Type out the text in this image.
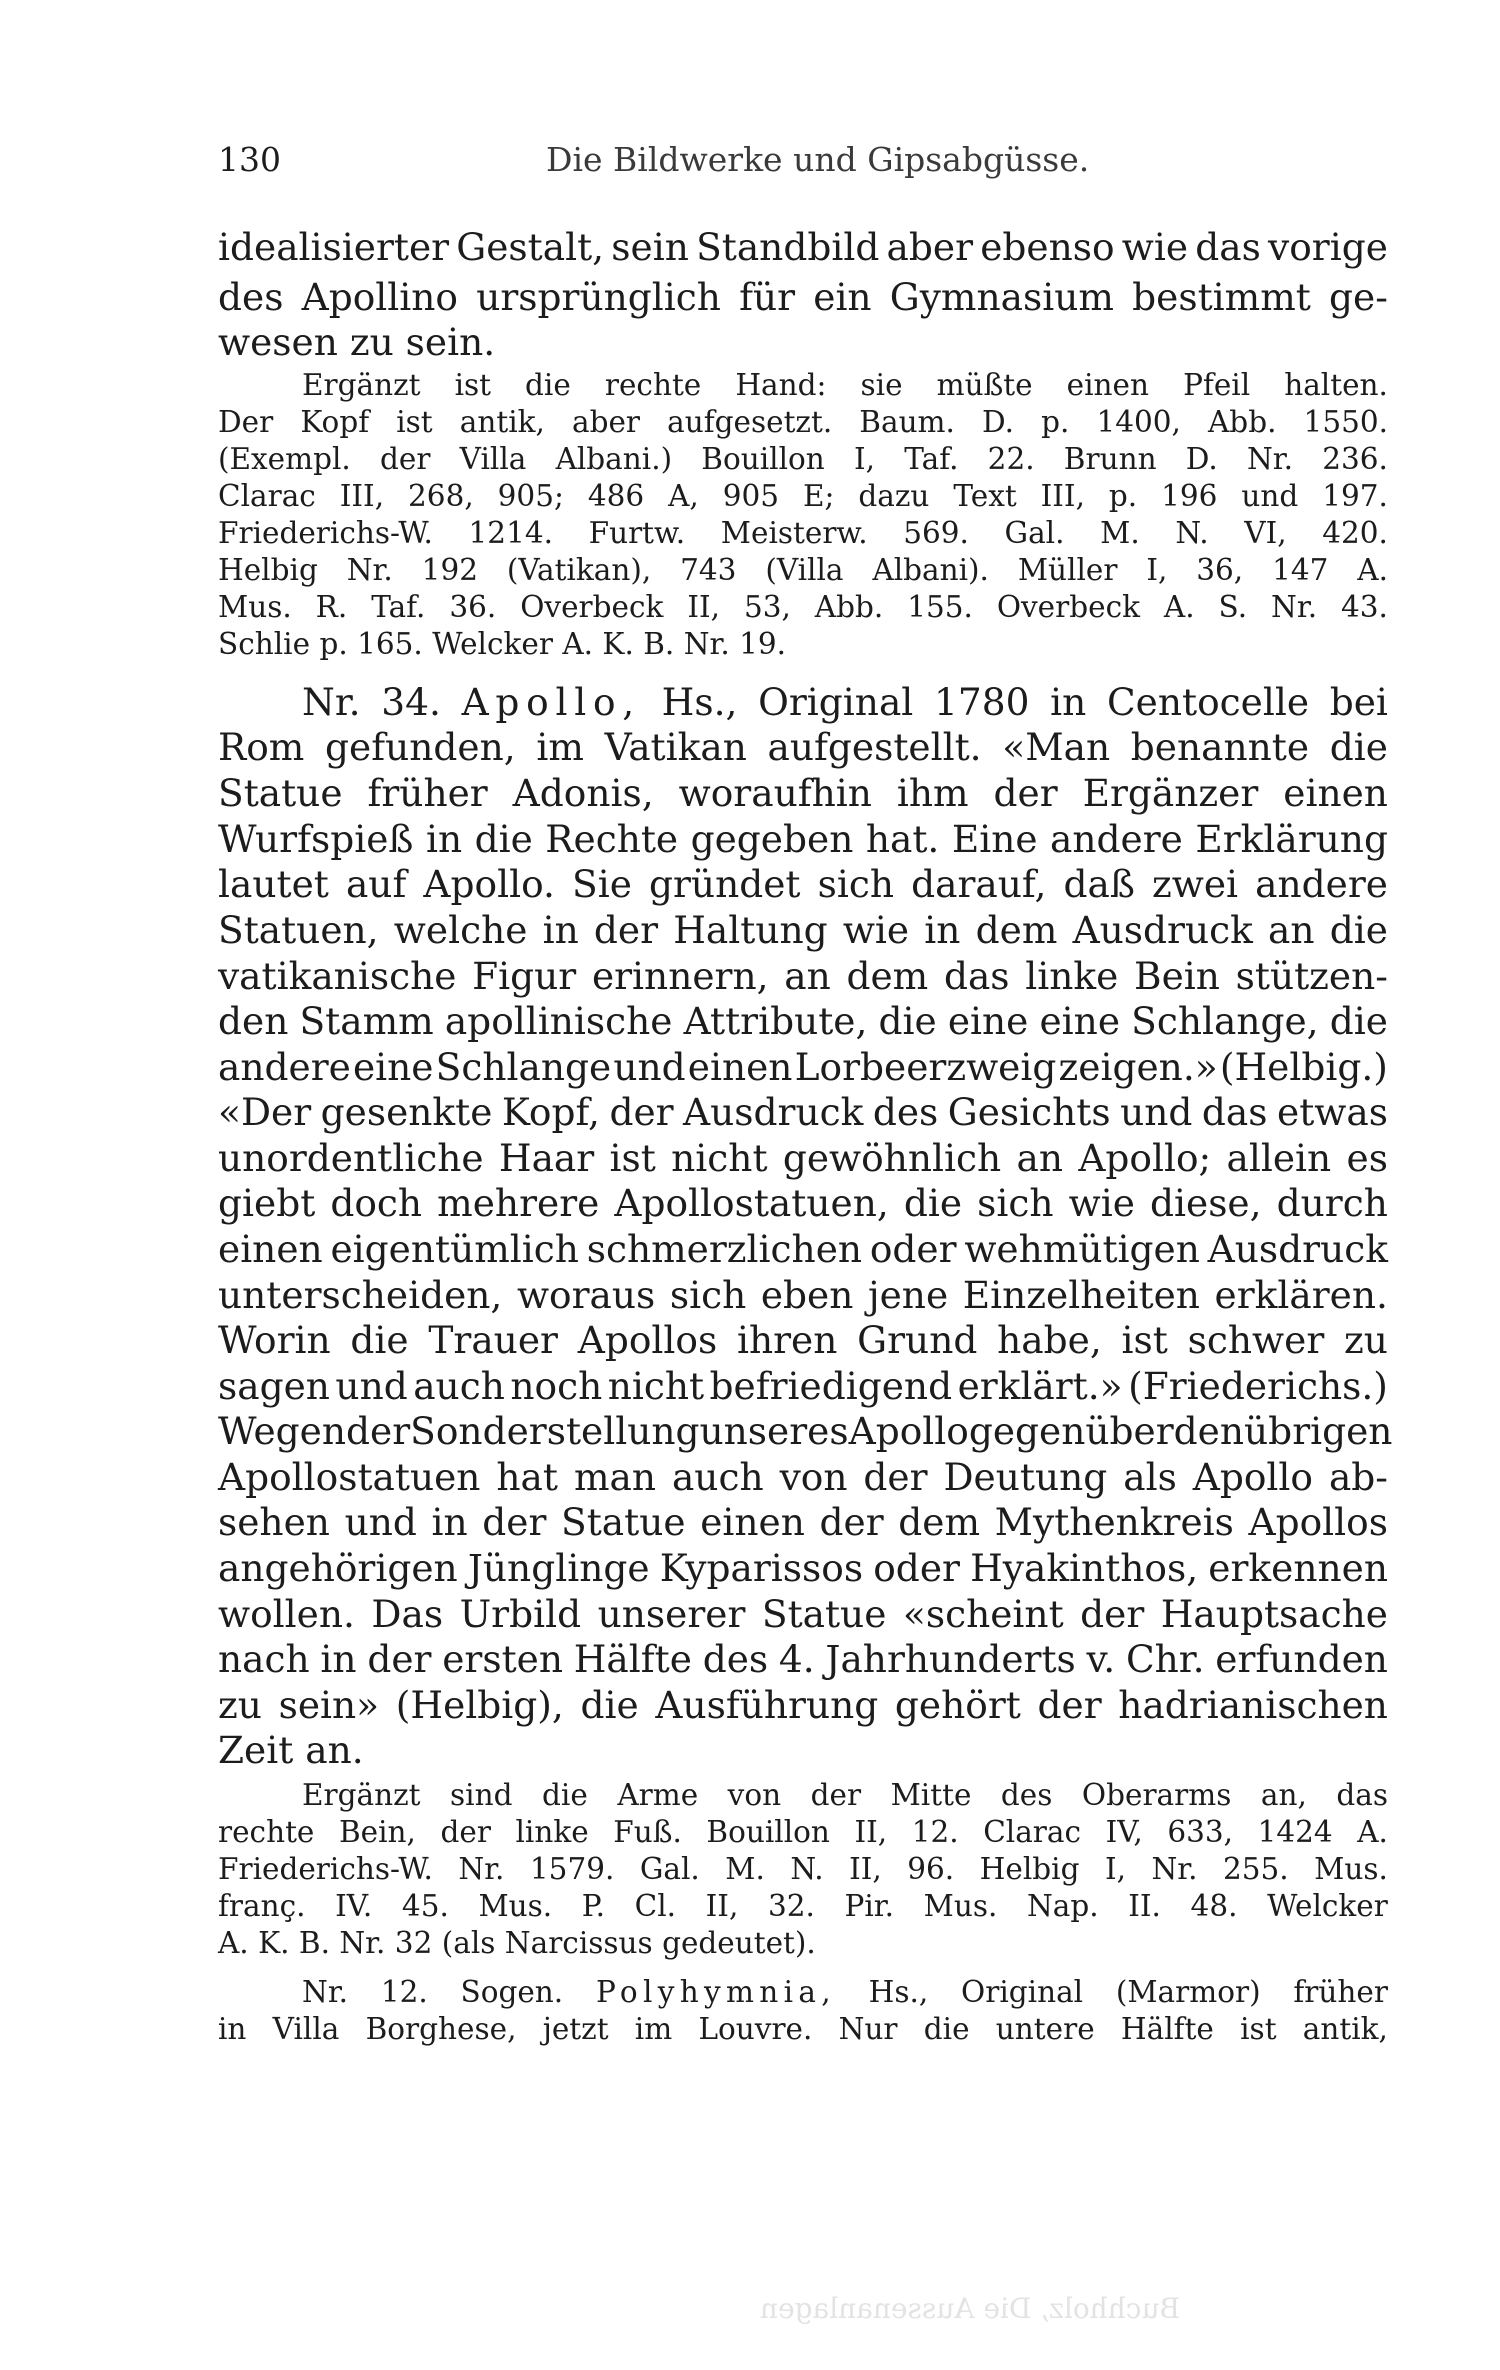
130	Die Bildwerke und Gipsabgüsse.
idealisierter Gestalt, sein Standbild aber ebenso wie das vorige
des Apollino ursprünglich für ein Gymnasium bestimmt ge-
wesen zu sein.
Ergänzt ist die rechte Hand: sie müßte einen Pfeil halten.
Der Kopf ist antik, aber aufgesetzt. Baum. D. p. 1400, Abb. 1550.
(Exempl. der Villa Albani.) Bouillon I, Taf. 22. Brunn D. Nr. 236.
Clarac III, 268, 905; 486 A, 905 E; dazu Text III, p. 196 und 197.
Friederichs-W. 1214. Furtw. Meisterw. 569. Gal. M. N. VI, 420.
Helbig Nr. 192 (Vatikan), 743 (Villa Albani). Müller I, 36, 147 A.
Mus. R. Taf. 36. Overbeck II, 53, Abb. 155. Overbeck A. S. Nr. 43.
Schlie p. 165. Welcker A. K. B. Nr. 19.
Nr. 34. Apollo, Hs., Original 1780 in Centocelle bei
Rom gefunden, im Vatikan aufgestellt. «Man benannte die
Statue früher Adonis, woraufhin ihm der Ergänzer einen
Wurfspieß in die Rechte gegeben hat. Eine andere Erklärung
lautet auf Apollo. Sie gründet sich darauf, daß zwei andere
Statuen, welche in der Haltung wie in dem Ausdruck an die
vatikanische Figur erinnern, an dem das linke Bein stützen-
den Stamm apollinische Attribute, die eine eine Schlange, die
andere eine Schlange und einen Lorbeerzweig zeigen.» (Helbig.)
«Der gesenkte Kopf, der Ausdruck des Gesichts und das etwas
unordentliche Haar ist nicht gewöhnlich an Apollo; allein es
giebt doch mehrere Apollostatuen, die sich wie diese, durch
einen eigentümlich schmerzlichen oder wehmütigen Ausdruck
unterscheiden, woraus sich eben jene Einzelheiten erklären.
Worin die Trauer Apollos ihren Grund habe, ist schwer zu
sagen und auch noch nicht befriedigend erklärt.» (Friederichs.)
Wegen der Sonderstellung unseres Apollo gegenüber den übrigen
Apollostatuen hat man auch von der Deutung als Apollo ab-
sehen und in der Statue einen der dem Mythenkreis Apollos
angehörigen Jünglinge Kyparissos oder Hyakinthos, erkennen
wollen. Das Urbild unserer Statue «scheint der Hauptsache
nach in der ersten Hälfte des 4. Jahrhunderts v. Chr. erfunden
zu sein» (Helbig), die Ausführung gehört der hadrianischen
Zeit an.
Ergänzt sind die Arme von der Mitte des Oberarms an, das
rechte Bein, der linke Fuß. Bouillon II, 12. Clarac IV, 633, 1424 A.
Friederichs-W. Nr. 1579. Gal. M. N. II, 96. Helbig I, Nr. 255. Mus.
franç. IV. 45. Mus. P. Cl. II, 32. Pir. Mus. Nap. II. 48. Welcker
A. K. B. Nr. 32 (als Narcissus gedeutet).
Nr. 12. Sogen. Polyhymnia, Hs., Original (Marmor) früher
in Villa Borghese, jetzt im Louvre. Nur die untere Hälfte ist antik,
Buchholz, Die Aussenanlagen
